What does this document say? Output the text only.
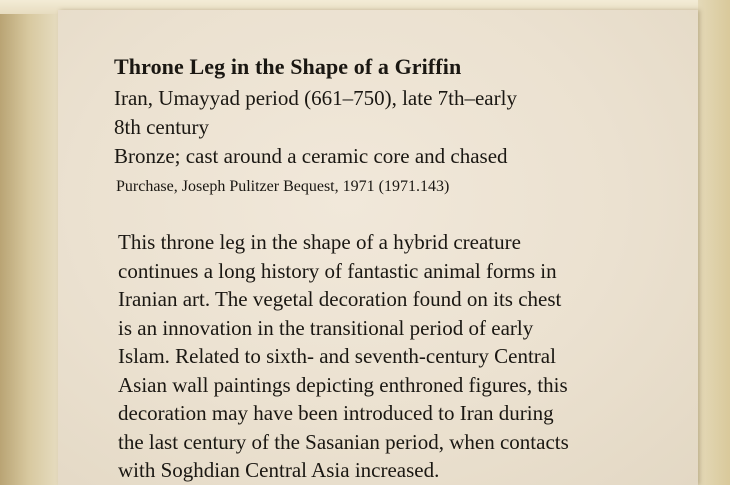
Throne Leg in the Shape of a Griffin
Iran, Umayyad period (661–750), late 7th–early
8th century
Bronze; cast around a ceramic core and chased
Purchase, Joseph Pulitzer Bequest, 1971 (1971.143)
This throne leg in the shape of a hybrid creature
continues a long history of fantastic animal forms in
Iranian art. The vegetal decoration found on its chest
is an innovation in the transitional period of early
Islam. Related to sixth- and seventh-century Central
Asian wall paintings depicting enthroned figures, this
decoration may have been introduced to Iran during
the last century of the Sasanian period, when contacts
with Soghdian Central Asia increased.
